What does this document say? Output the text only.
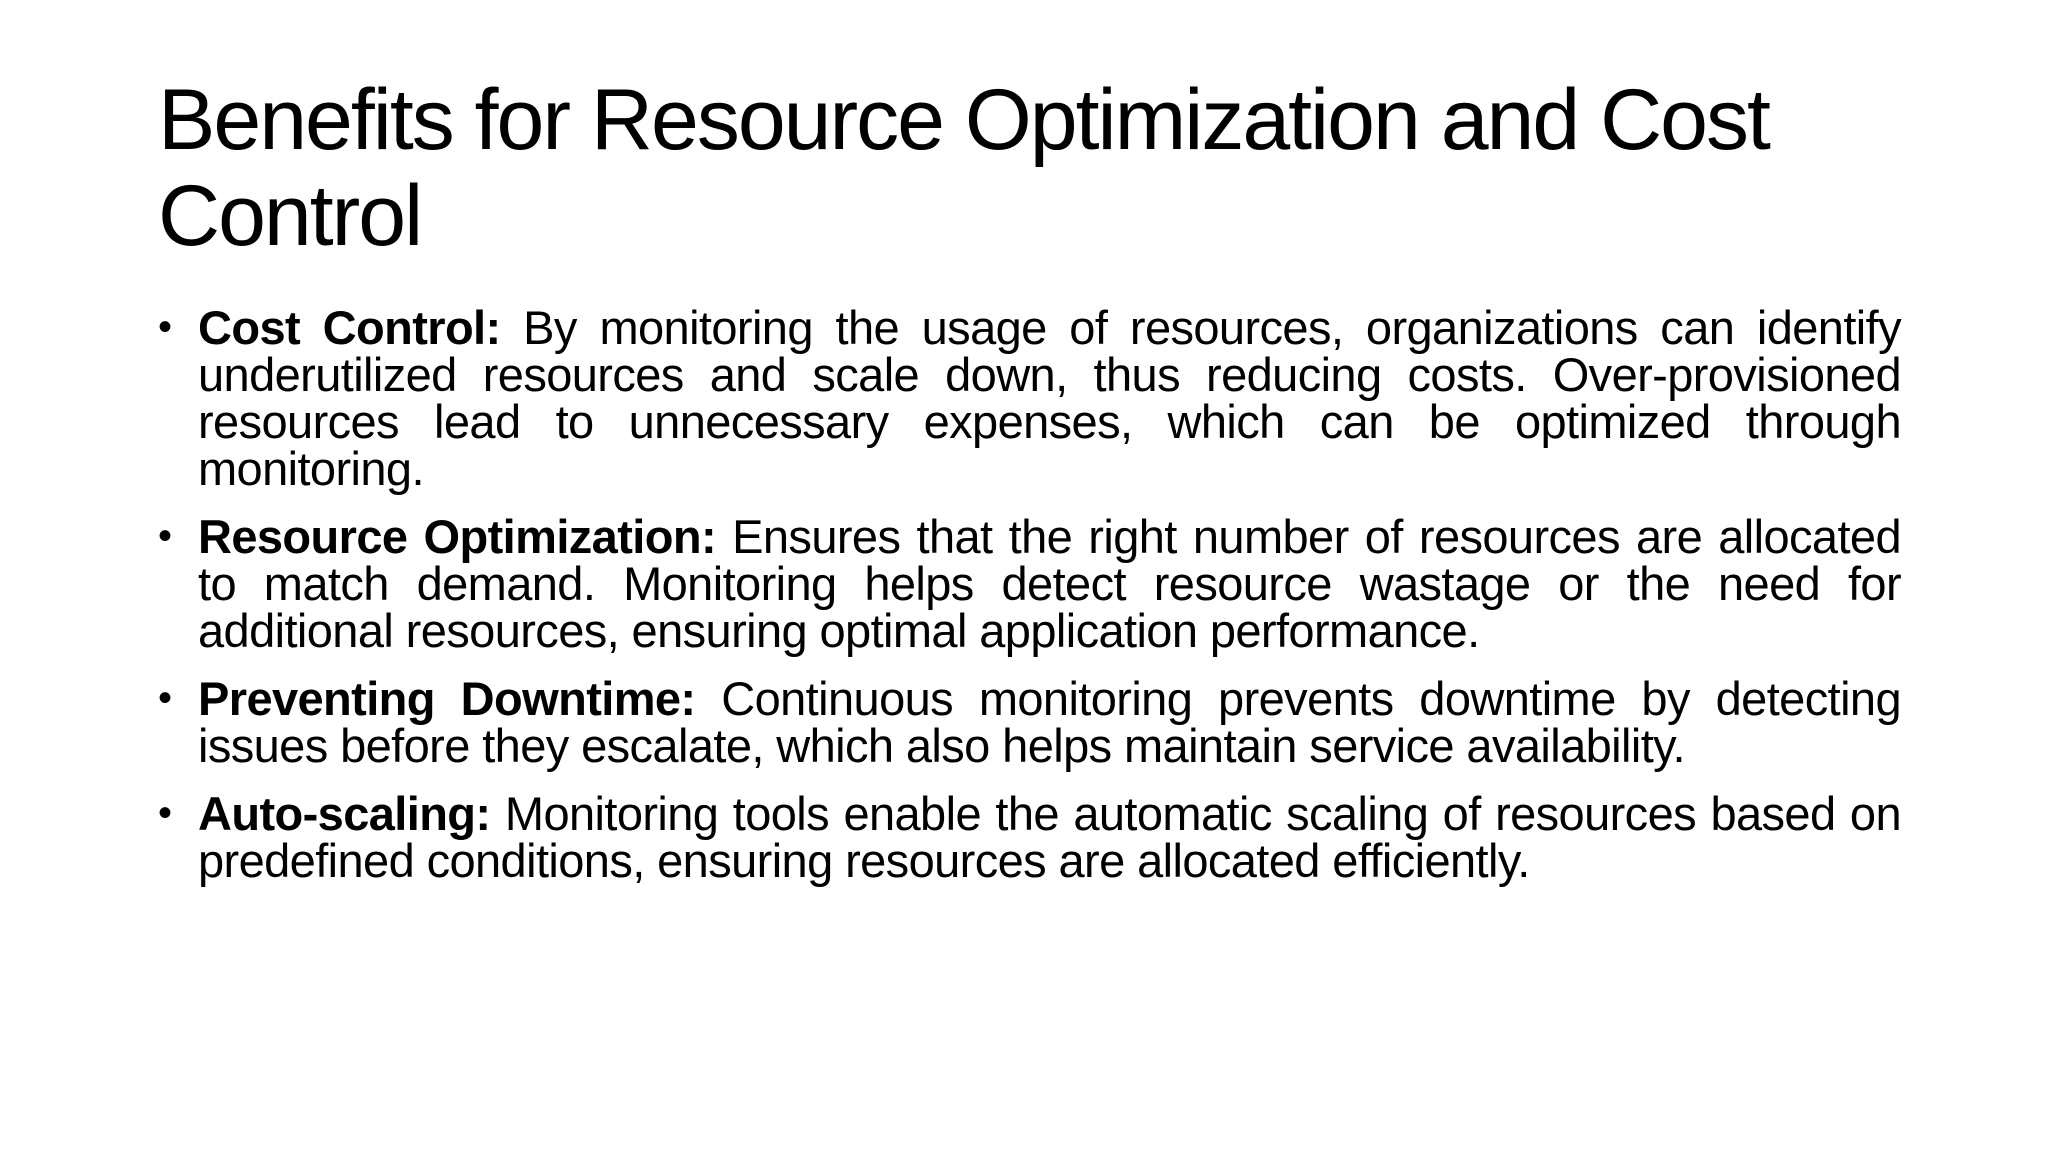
Benefits for Resource Optimization and Cost Control
• Cost Control: By monitoring the usage of resources, organizations can identify underutilized resources and scale down, thus reducing costs. Over-provisioned resources lead to unnecessary expenses, which can be optimized through monitoring.
• Resource Optimization: Ensures that the right number of resources are allocated to match demand. Monitoring helps detect resource wastage or the need for additional resources, ensuring optimal application performance.
• Preventing Downtime: Continuous monitoring prevents downtime by detecting issues before they escalate, which also helps maintain service availability.
• Auto-scaling: Monitoring tools enable the automatic scaling of resources based on predefined conditions, ensuring resources are allocated efficiently.
